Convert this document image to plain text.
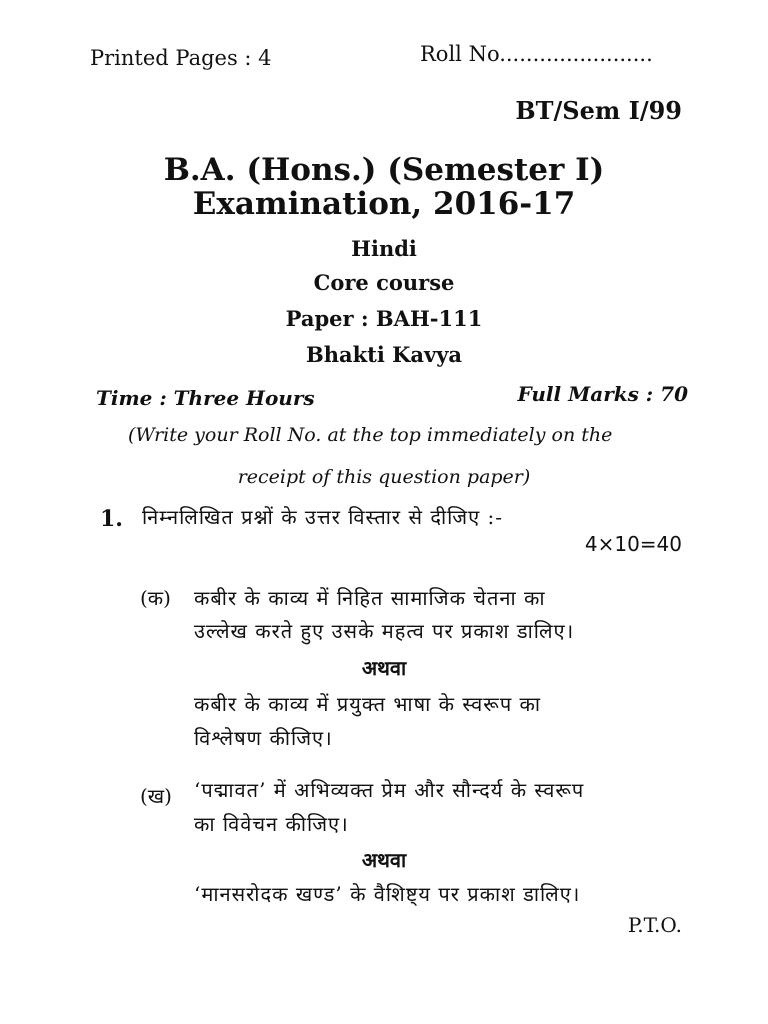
Printed Pages : 4	Roll No.......................
BT/Sem I/99
B.A. (Hons.) (Semester I)
Examination, 2016-17
Hindi
Core course
Paper : BAH-111
Bhakti Kavya
Time : Three Hours	Full Marks : 70
(Write your Roll No. at the top immediately on the
receipt of this question paper)
1. निम्नलिखित प्रश्नों के उत्तर विस्तार से दीजिए :-
4×10=40
(क) कबीर के काव्य में निहित सामाजिक चेतना का
उल्लेख करते हुए उसके महत्व पर प्रकाश डालिए।
अथवा
कबीर के काव्य में प्रयुक्त भाषा के स्वरूप का
विश्लेषण कीजिए।
(ख) ‘पद्मावत’ में अभिव्यक्त प्रेम और सौन्दर्य के स्वरूप
का विवेचन कीजिए।
अथवा
‘मानसरोदक खण्ड’ के वैशिष्ट्य पर प्रकाश डालिए।
P.T.O.
